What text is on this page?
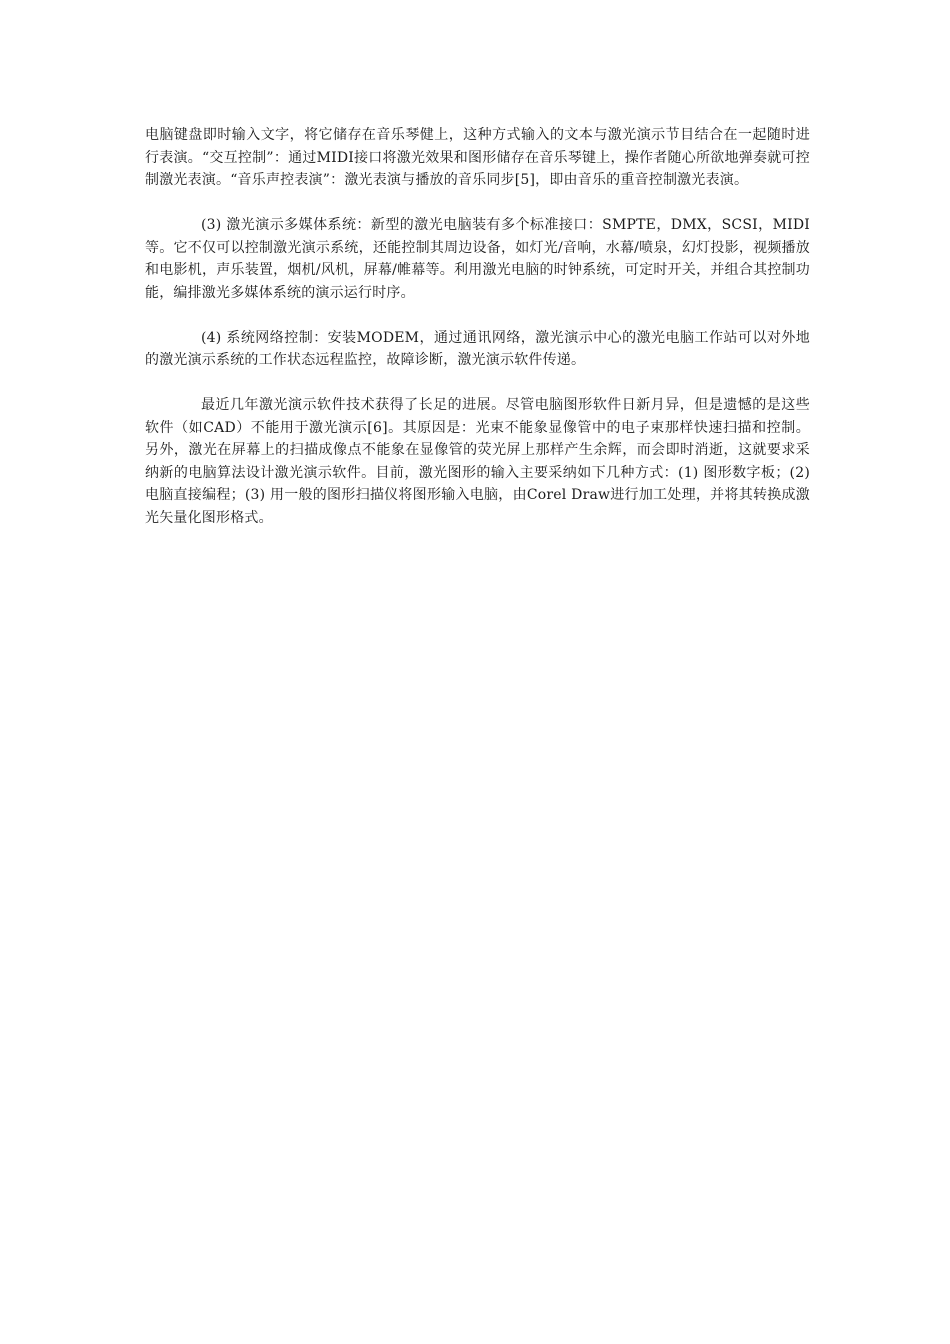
电脑键盘即时输入文字，将它储存在音乐琴健上，这种方式输入的文本与激光演示节目结合在一起随时进行表演。“交互控制”：通过MIDI接口将激光效果和图形储存在音乐琴键上，操作者随心所欲地弹奏就可控制激光表演。“音乐声控表演”：激光表演与播放的音乐同步[5]，即由音乐的重音控制激光表演。

(3) 激光演示多媒体系统：新型的激光电脑装有多个标准接口：SMPTE，DMX，SCSI，MIDI等。它不仅可以控制激光演示系统，还能控制其周边设备，如灯光/音响，水幕/喷泉，幻灯投影，视频播放和电影机，声乐装置，烟机/风机，屏幕/帷幕等。利用激光电脑的时钟系统，可定时开关，并组合其控制功能，编排激光多媒体系统的演示运行时序。

(4) 系统网络控制：安装MODEM，通过通讯网络，激光演示中心的激光电脑工作站可以对外地的激光演示系统的工作状态远程监控，故障诊断，激光演示软件传递。

最近几年激光演示软件技术获得了长足的进展。尽管电脑图形软件日新月异，但是遗憾的是这些软件（如CAD）不能用于激光演示[6]。其原因是：光束不能象显像管中的电子束那样快速扫描和控制。 另外，激光在屏幕上的扫描成像点不能象在显像管的荧光屏上那样产生余辉，而会即时消逝，这就要求采纳新的电脑算法设计激光演示软件。目前，激光图形的输入主要采纳如下几种方式：(1) 图形数字板；(2) 电脑直接编程；(3) 用一般的图形扫描仪将图形输入电脑，由Corel Draw进行加工处理，并将其转换成激光矢量化图形格式。
